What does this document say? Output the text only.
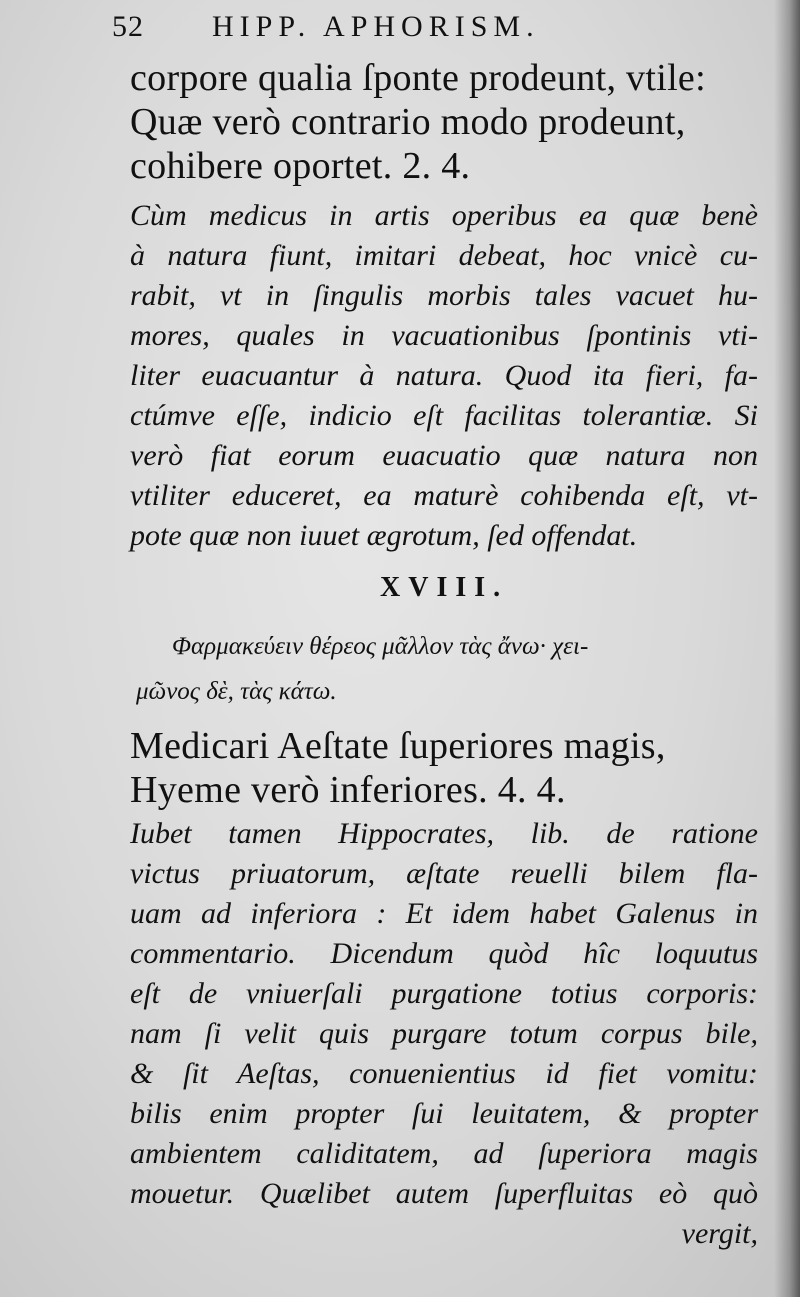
52 HIPP. APHORISM.
corpore qualia ſponte prodeunt, vtile:
Quæ verò contrario modo prodeunt,
cohibere oportet. 2. 4.
Cùm medicus in artis operibus ea quæ benè
à natura fiunt, imitari debeat, hoc vnicè cu-
rabit, vt in ſingulis morbis tales vacuet hu-
mores, quales in vacuationibus ſpontinis vti-
liter euacuantur à natura. Quod ita fieri, fa-
ctúmve eſſe, indicio eſt facilitas tolerantiæ. Si
verò fiat eorum euacuatio quæ natura non
vtiliter educeret, ea maturè cohibenda eſt, vt-
pote quæ non iuuet ægrotum, ſed offendat.
XVIII.
Φαρμακεύειν θέρεος μᾶλλον τὰς ἄνω· χει-
μῶνος δὲ, τὰς κάτω.
Medicari Aeſtate ſuperiores magis,
Hyeme verò inferiores. 4. 4.
Iubet tamen Hippocrates, lib. de ratione
victus priuatorum, æſtate reuelli bilem fla-
uam ad inferiora : Et idem habet Galenus in
commentario. Dicendum quòd hîc loquutus
eſt de vniuerſali purgatione totius corporis:
nam ſi velit quis purgare totum corpus bile,
& ſit Aeſtas, conuenientius id fiet vomitu:
bilis enim propter ſui leuitatem, & propter
ambientem caliditatem, ad ſuperiora magis
mouetur. Quælibet autem ſuperfluitas eò quò
vergit,
